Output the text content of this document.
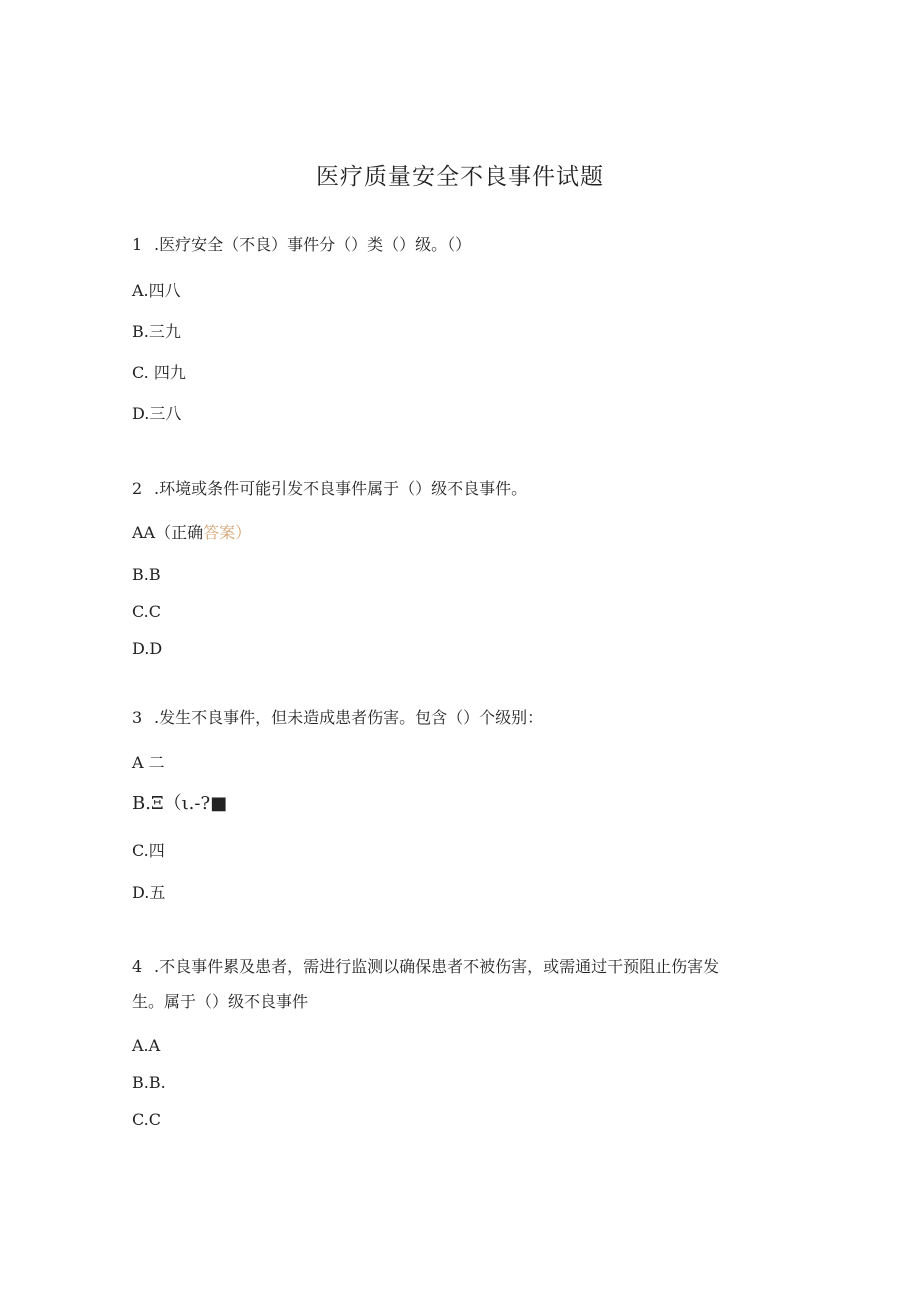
医疗质量安全不良事件试题
1 .医疗安全（不良）事件分（）类（）级。（）
A.四八
B.三九
C. 四九
D.三八
2 .环境或条件可能引发不良事件属于（）级不良事件。
AA（正确答案）
B.B
C.C
D.D
3 .发生不良事件，但未造成患者伤害。包含（）个级别：
A 二
B.Ξ（ι.-?■
C.四
D.五
4 .不良事件累及患者，需进行监测以确保患者不被伤害，或需通过干预阻止伤害发
生。属于（）级不良事件
A.A
B.B.
C.C
